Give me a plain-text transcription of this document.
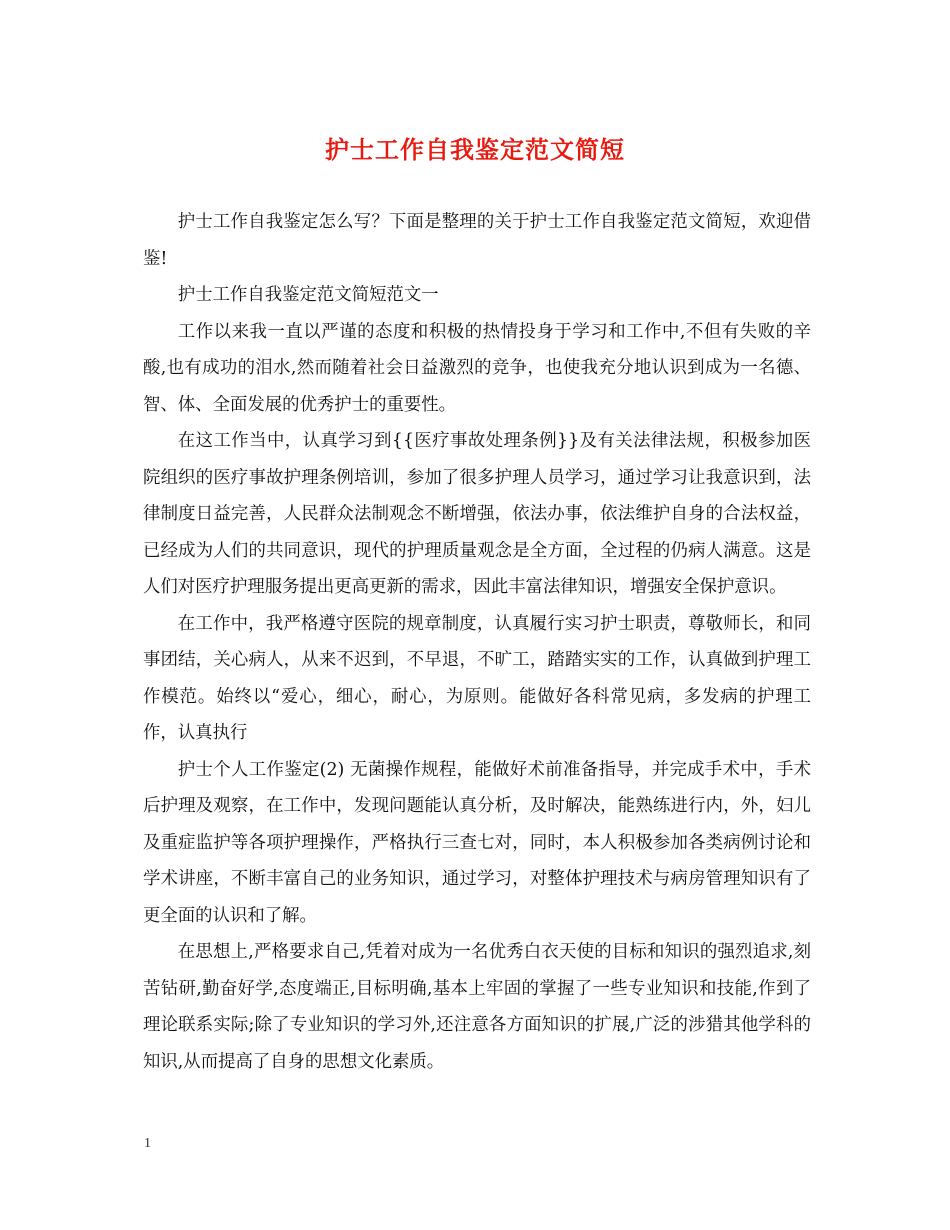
护士工作自我鉴定范文简短

护士工作自我鉴定怎么写？下面是整理的关于护士工作自我鉴定范文简短，欢迎借鉴!

护士工作自我鉴定范文简短范文一

工作以来我一直以严谨的态度和积极的热情投身于学习和工作中,不但有失败的辛酸,也有成功的泪水,然而随着社会日益激烈的竞争，也使我充分地认识到成为一名德、智、体、全面发展的优秀护士的重要性。

在这工作当中，认真学习到{{医疗事故处理条例}}及有关法律法规，积极参加医院组织的医疗事故护理条例培训，参加了很多护理人员学习，通过学习让我意识到，法律制度日益完善，人民群众法制观念不断增强，依法办事，依法维护自身的合法权益，已经成为人们的共同意识，现代的护理质量观念是全方面，全过程的仍病人满意。这是人们对医疗护理服务提出更高更新的需求，因此丰富法律知识，增强安全保护意识。

在工作中，我严格遵守医院的规章制度，认真履行实习护士职责，尊敬师长，和同事团结，关心病人，从来不迟到，不早退，不旷工，踏踏实实的工作，认真做到护理工作模范。始终以“爱心，细心，耐心，为原则。能做好各科常见病，多发病的护理工作，认真执行

护士个人工作鉴定(2) 无菌操作规程，能做好术前准备指导，并完成手术中，手术后护理及观察，在工作中，发现问题能认真分析，及时解决，能熟练进行内，外，妇儿及重症监护等各项护理操作，严格执行三查七对，同时，本人积极参加各类病例讨论和学术讲座，不断丰富自己的业务知识，通过学习，对整体护理技术与病房管理知识有了更全面的认识和了解。

在思想上,严格要求自己,凭着对成为一名优秀白衣天使的目标和知识的强烈追求,刻苦钻研,勤奋好学,态度端正,目标明确,基本上牢固的掌握了一些专业知识和技能,作到了理论联系实际;除了专业知识的学习外,还注意各方面知识的扩展,广泛的涉猎其他学科的知识,从而提高了自身的思想文化素质。

1
